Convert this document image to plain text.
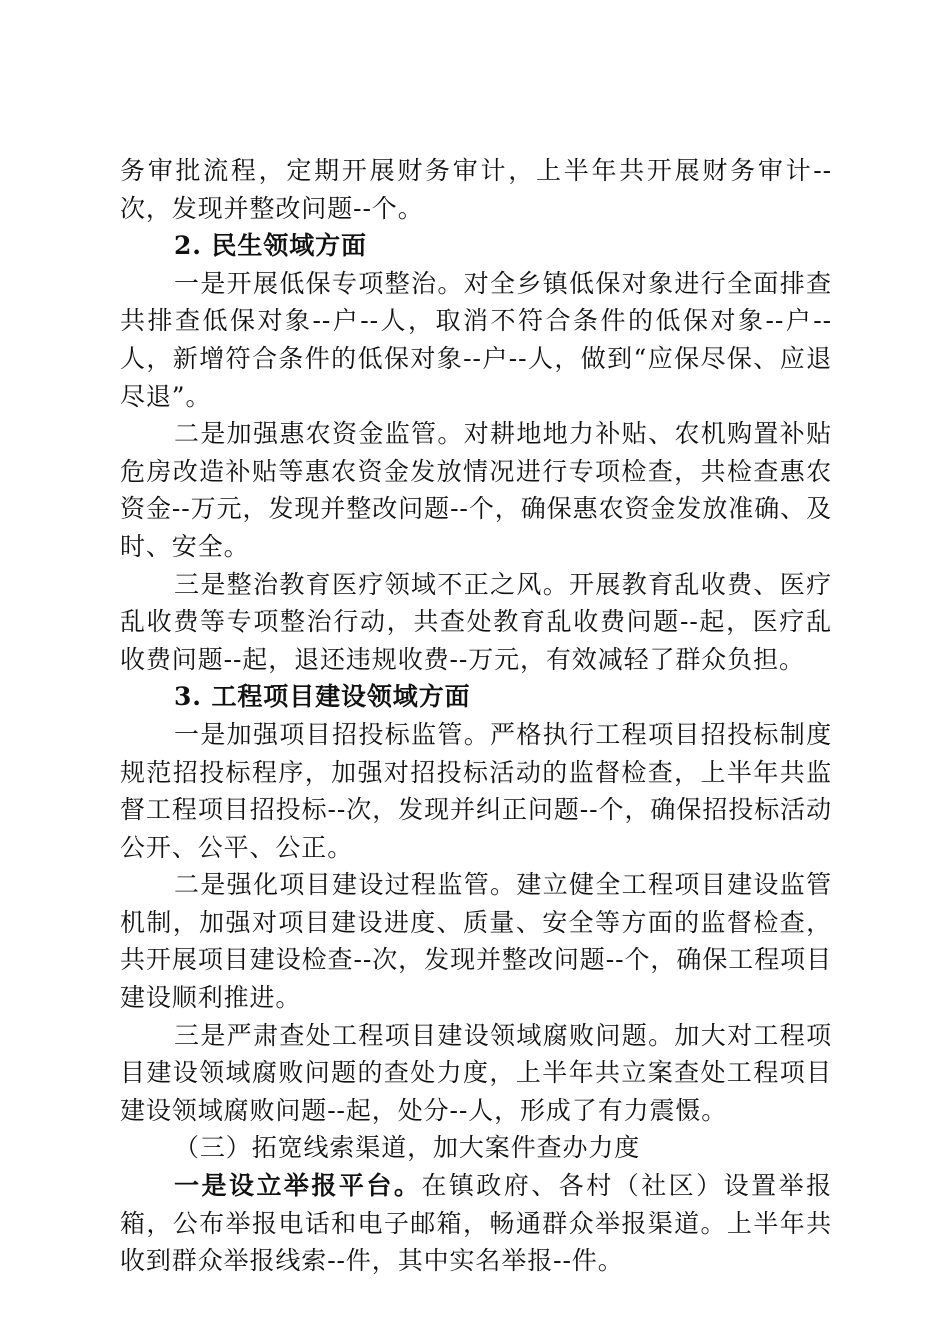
务审批流程，定期开展财务审计，上半年共开展财务审计--次，发现并整改问题--个。

2. 民生领域方面

一是开展低保专项整治。对全乡镇低保对象进行全面排查共排查低保对象--户--人，取消不符合条件的低保对象--户--人，新增符合条件的低保对象--户--人，做到“应保尽保、应退尽退”。

二是加强惠农资金监管。对耕地地力补贴、农机购置补贴危房改造补贴等惠农资金发放情况进行专项检查，共检查惠农资金--万元，发现并整改问题--个，确保惠农资金发放准确、及时、安全。

三是整治教育医疗领域不正之风。开展教育乱收费、医疗乱收费等专项整治行动，共查处教育乱收费问题--起，医疗乱收费问题--起，退还违规收费--万元，有效减轻了群众负担。

3. 工程项目建设领域方面

一是加强项目招投标监管。严格执行工程项目招投标制度规范招投标程序，加强对招投标活动的监督检查，上半年共监督工程项目招投标--次，发现并纠正问题--个，确保招投标活动公开、公平、公正。

二是强化项目建设过程监管。建立健全工程项目建设监管机制，加强对项目建设进度、质量、安全等方面的监督检查，共开展项目建设检查--次，发现并整改问题--个，确保工程项目建设顺利推进。

三是严肃查处工程项目建设领域腐败问题。加大对工程项目建设领域腐败问题的查处力度，上半年共立案查处工程项目建设领域腐败问题--起，处分--人，形成了有力震慑。

（三）拓宽线索渠道，加大案件查办力度

一是设立举报平台。在镇政府、各村（社区）设置举报箱，公布举报电话和电子邮箱，畅通群众举报渠道。上半年共收到群众举报线索--件，其中实名举报--件。
